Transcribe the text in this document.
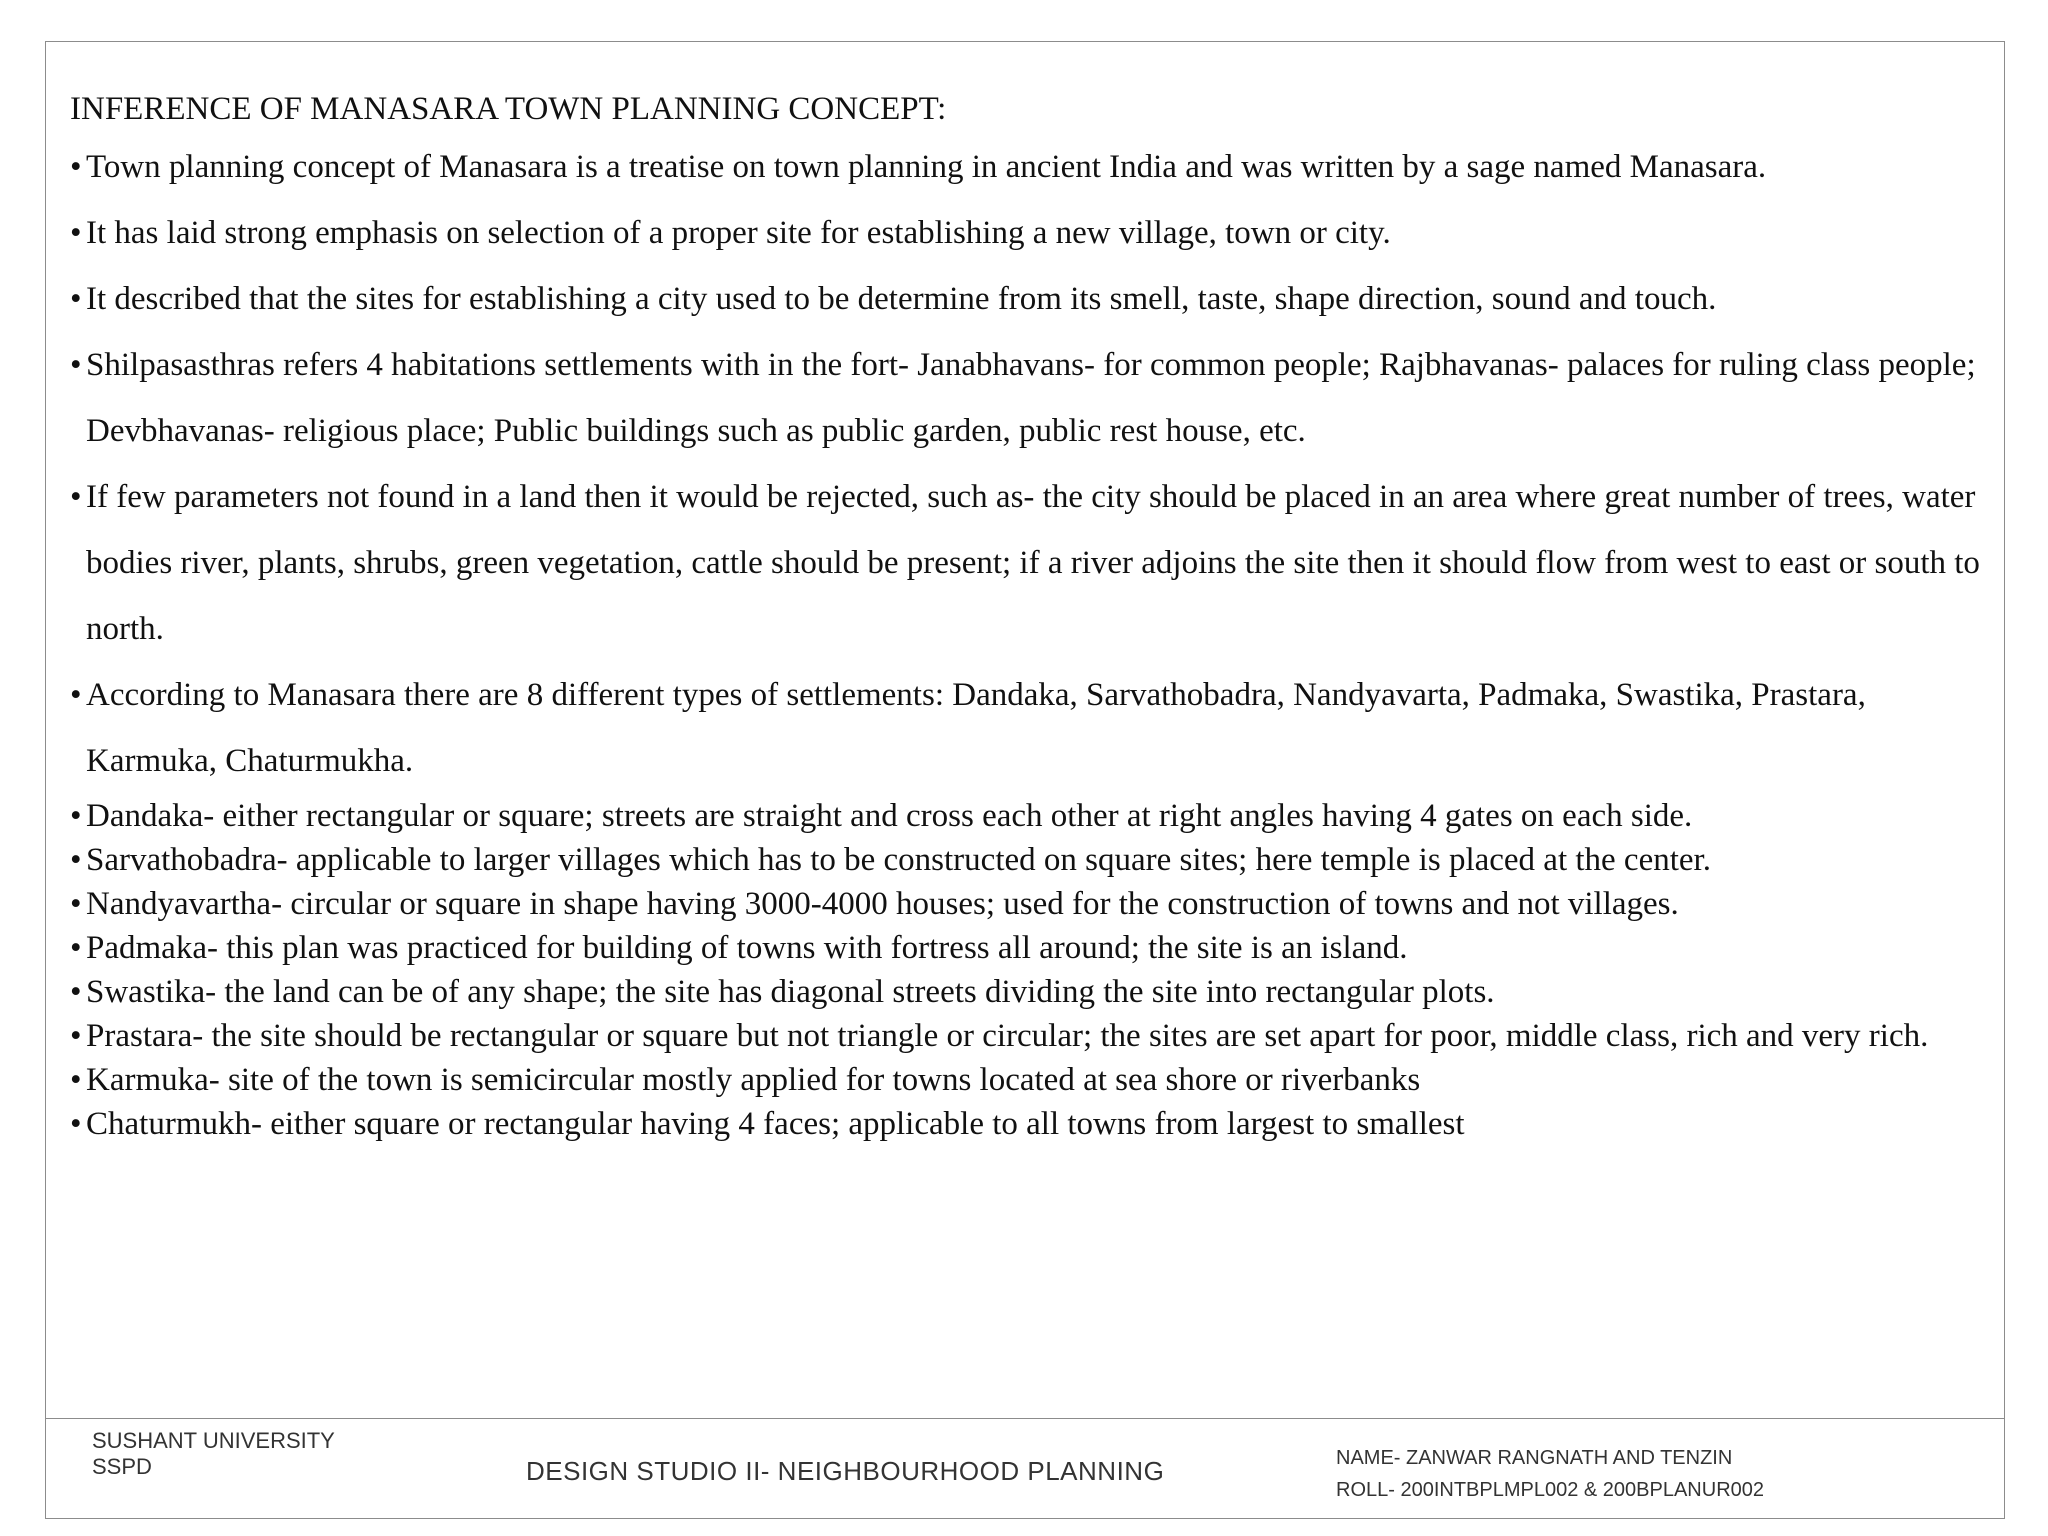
INFERENCE OF MANASARA TOWN PLANNING CONCEPT:

• Town planning concept of Manasara is a treatise on town planning in ancient India and was written by a sage named Manasara.
• It has laid strong emphasis on selection of a proper site for establishing a new village, town or city.
• It described that the sites for establishing a city used to be determine from its smell, taste, shape direction, sound and touch.
• Shilpasasthras refers 4 habitations settlements with in the fort- Janabhavans- for common people; Rajbhavanas- palaces for ruling class people; Devbhavanas- religious place; Public buildings such as public garden, public rest house, etc.
• If few parameters not found in a land then it would be rejected, such as- the city should be placed in an area where great number of trees, water bodies river, plants, shrubs, green vegetation, cattle should be present; if a river adjoins the site then it should flow from west to east or south to north.
• According to Manasara there are 8 different types of settlements: Dandaka, Sarvathobadra, Nandyavarta, Padmaka, Swastika, Prastara, Karmuka, Chaturmukha.
• Dandaka- either rectangular or square; streets are straight and cross each other at right angles having 4 gates on each side.
• Sarvathobadra- applicable to larger villages which has to be constructed on square sites; here temple is placed at the center.
• Nandyavartha- circular or square in shape having 3000-4000 houses; used for the construction of towns and not villages.
• Padmaka- this plan was practiced for building of towns with fortress all around; the site is an island.
• Swastika- the land can be of any shape; the site has diagonal streets dividing the site into rectangular plots.
• Prastara- the site should be rectangular or square but not triangle or circular; the sites are set apart for poor, middle class, rich and very rich.
• Karmuka- site of the town is semicircular mostly applied for towns located at sea shore or riverbanks
• Chaturmukh- either square or rectangular having 4 faces; applicable to all towns from largest to smallest
SUSHANT UNIVERSITY
SSPD	DESIGN STUDIO II- NEIGHBOURHOOD PLANNING	NAME- ZANWAR RANGNATH AND TENZIN
ROLL- 200INTBPLMPL002 & 200BPLANUR002
